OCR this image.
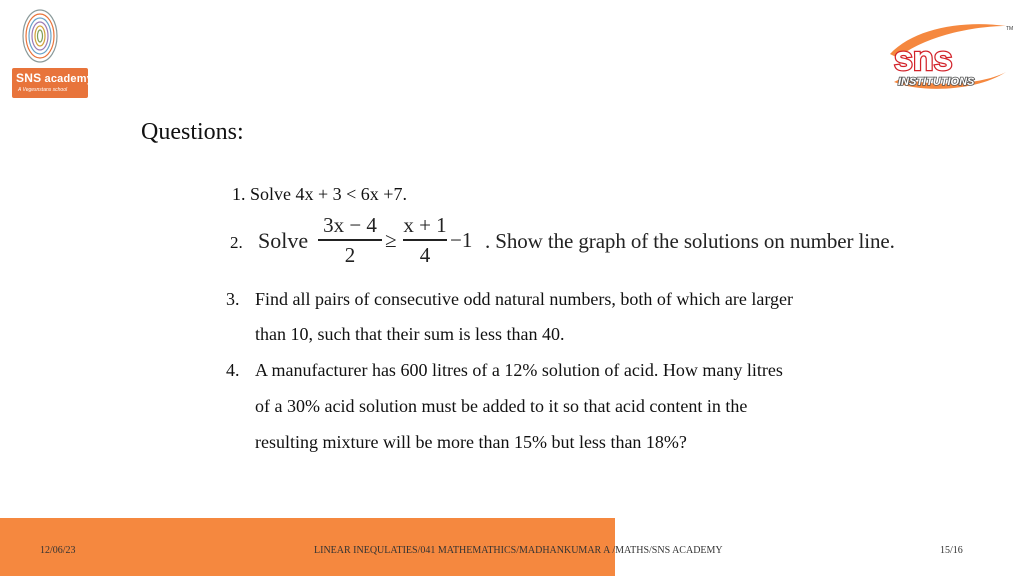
SNS academy
A Vegesnstans school
sns
TM
INSTITUTIONS
Questions:
1. Solve 4x + 3 < 6x +7.
2. Solve
3x − 4
2
≥
x + 1
4
−1 . Show the graph of the solutions on number line.
3. Find all pairs of consecutive odd natural numbers, both of which are larger
than 10, such that their sum is less than 40.
4. A manufacturer has 600 litres of a 12% solution of acid. How many litres
of a 30% acid solution must be added to it so that acid content in the
resulting mixture will be more than 15% but less than 18%?
12/06/23	LINEAR INEQULATIES/041 MATHEMATHICS/MADHANKUMAR A /MATHS/SNS ACADEMY	15/16
